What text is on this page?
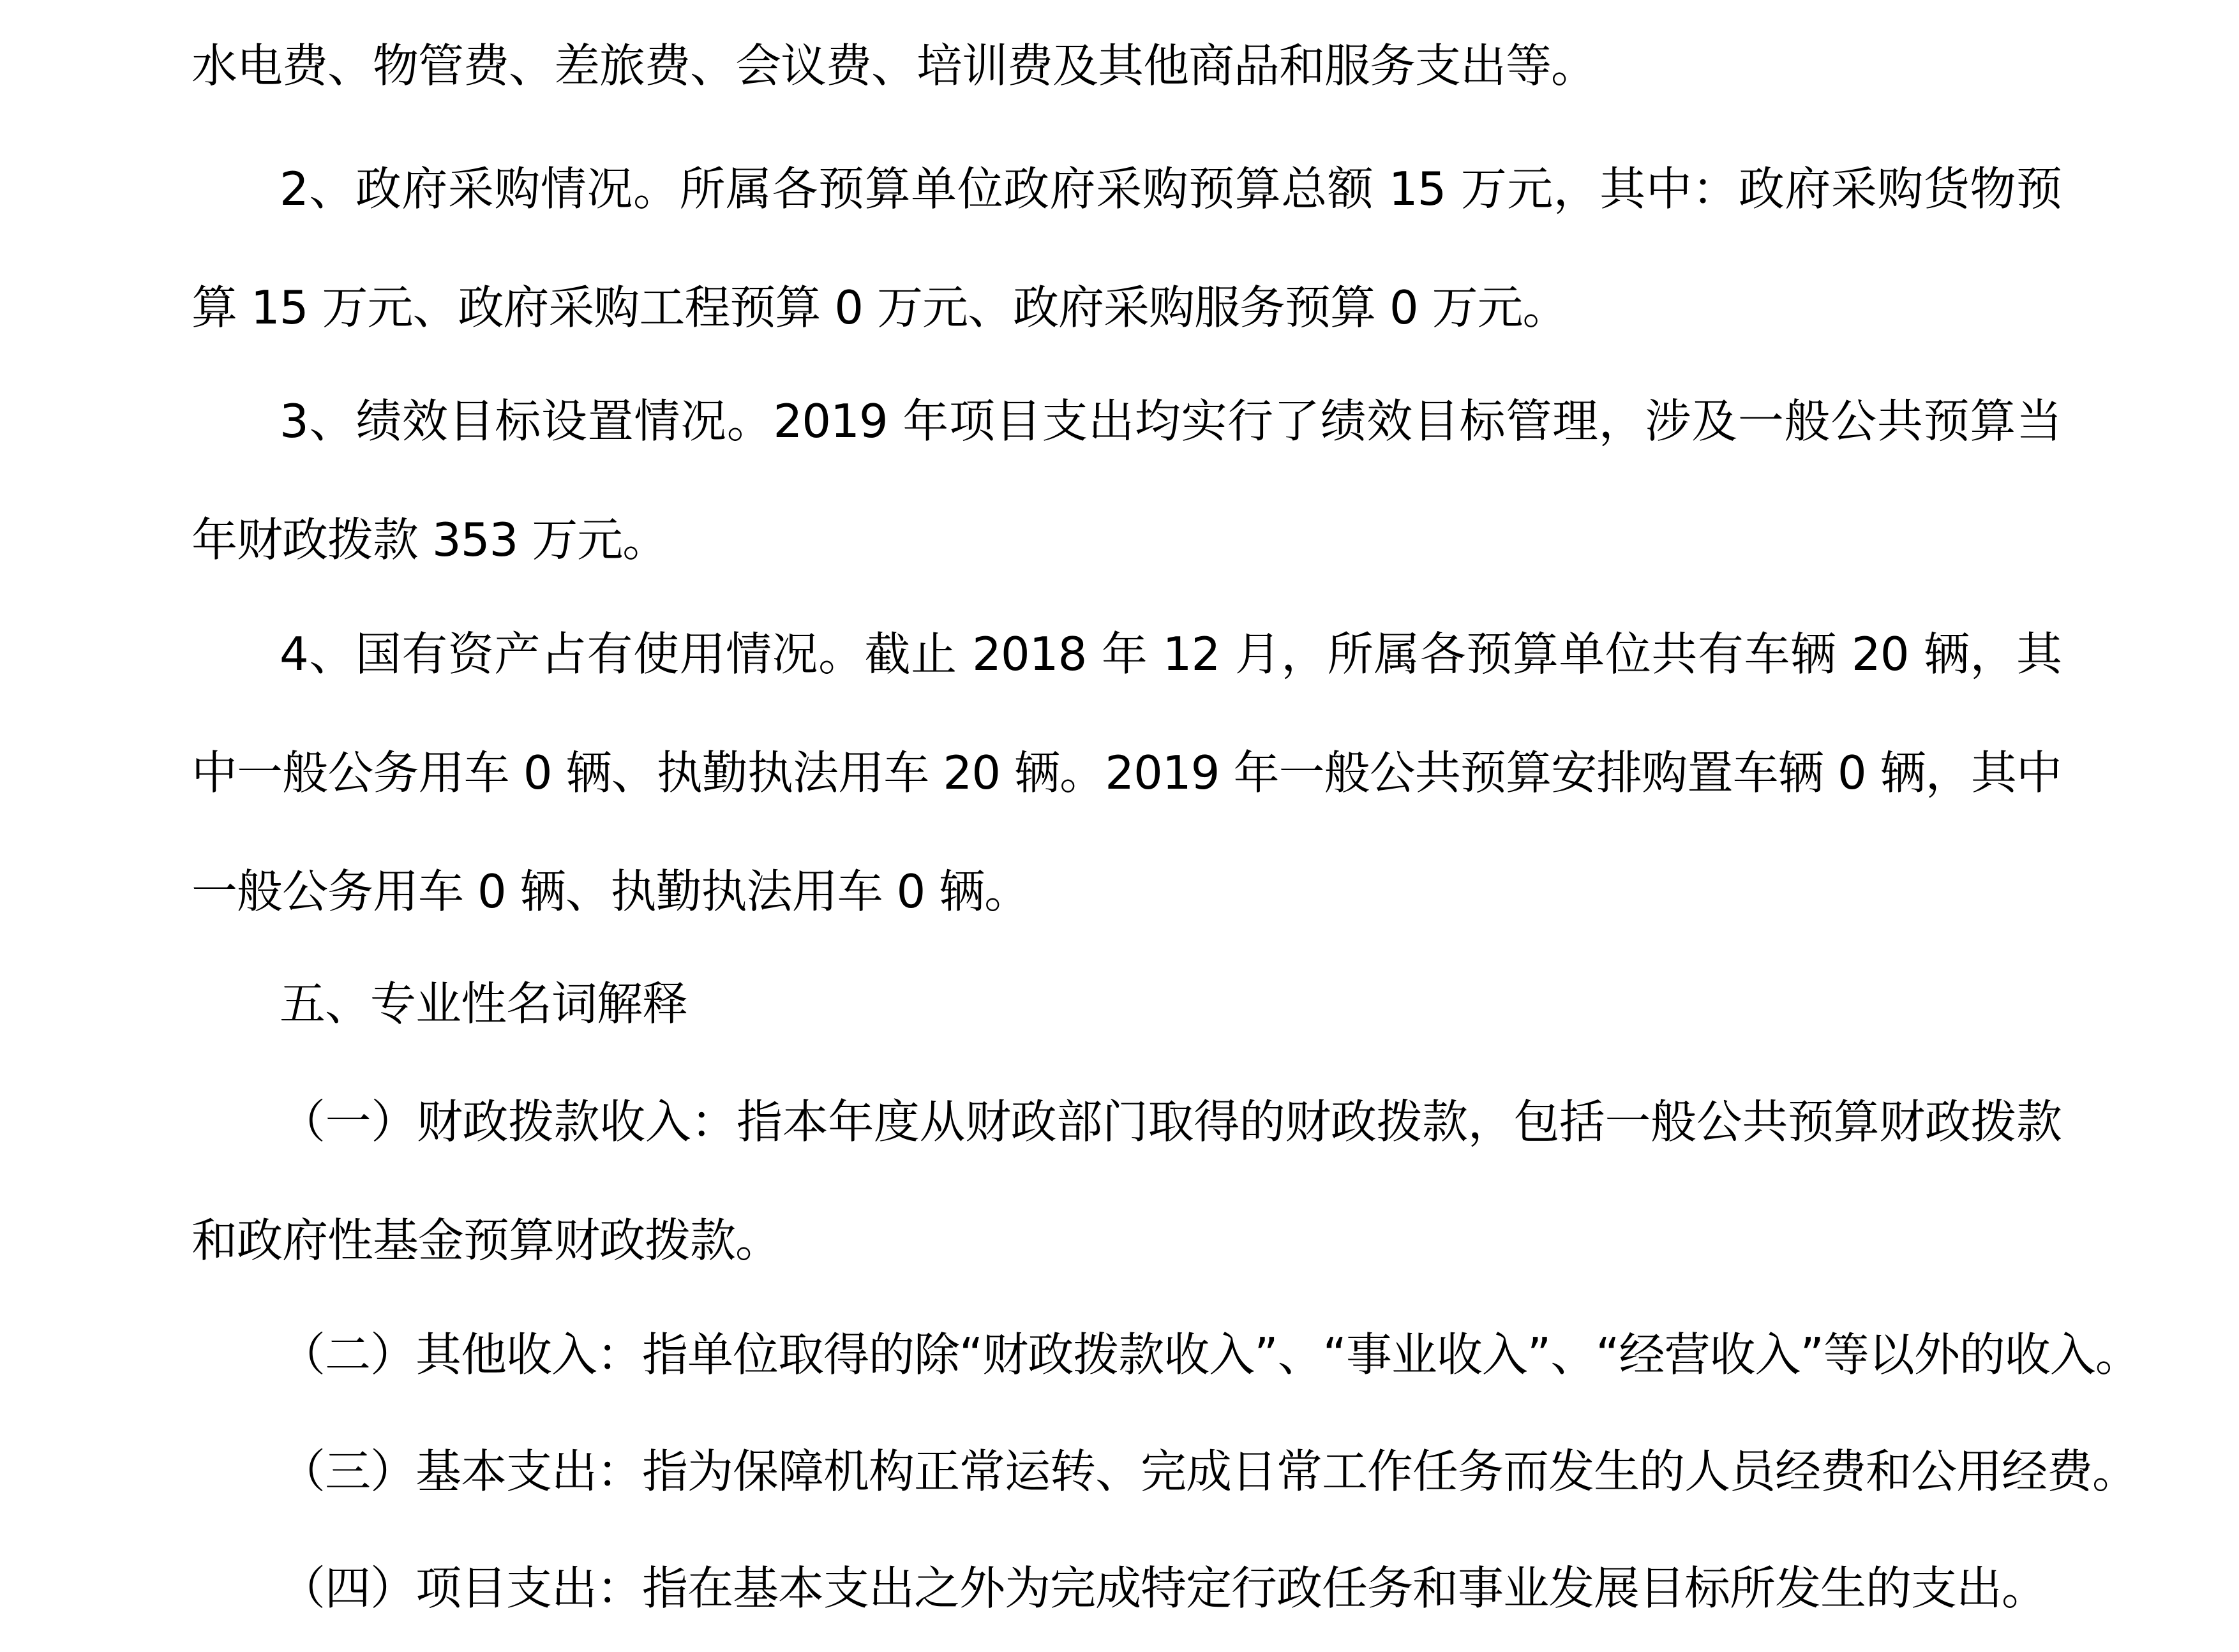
水电费、物管费、差旅费、会议费、培训费及其他商品和服务支出等。

2、政府采购情况。所属各预算单位政府采购预算总额 15 万元，其中：政府采购货物预算 15 万元、政府采购工程预算 0 万元、政府采购服务预算 0 万元。

3、绩效目标设置情况。2019 年项目支出均实行了绩效目标管理，涉及一般公共预算当年财政拨款 353 万元。

4、国有资产占有使用情况。截止 2018 年 12 月，所属各预算单位共有车辆 20 辆，其中一般公务用车 0 辆、执勤执法用车 20 辆。2019 年一般公共预算安排购置车辆 0 辆，其中一般公务用车 0 辆、执勤执法用车 0 辆。

五、专业性名词解释

（一）财政拨款收入：指本年度从财政部门取得的财政拨款，包括一般公共预算财政拨款和政府性基金预算财政拨款。

（二）其他收入：指单位取得的除“财政拨款收入”、“事业收入”、“经营收入”等以外的收入。

（三）基本支出：指为保障机构正常运转、完成日常工作任务而发生的人员经费和公用经费。

（四）项目支出：指在基本支出之外为完成特定行政任务和事业发展目标所发生的支出。
